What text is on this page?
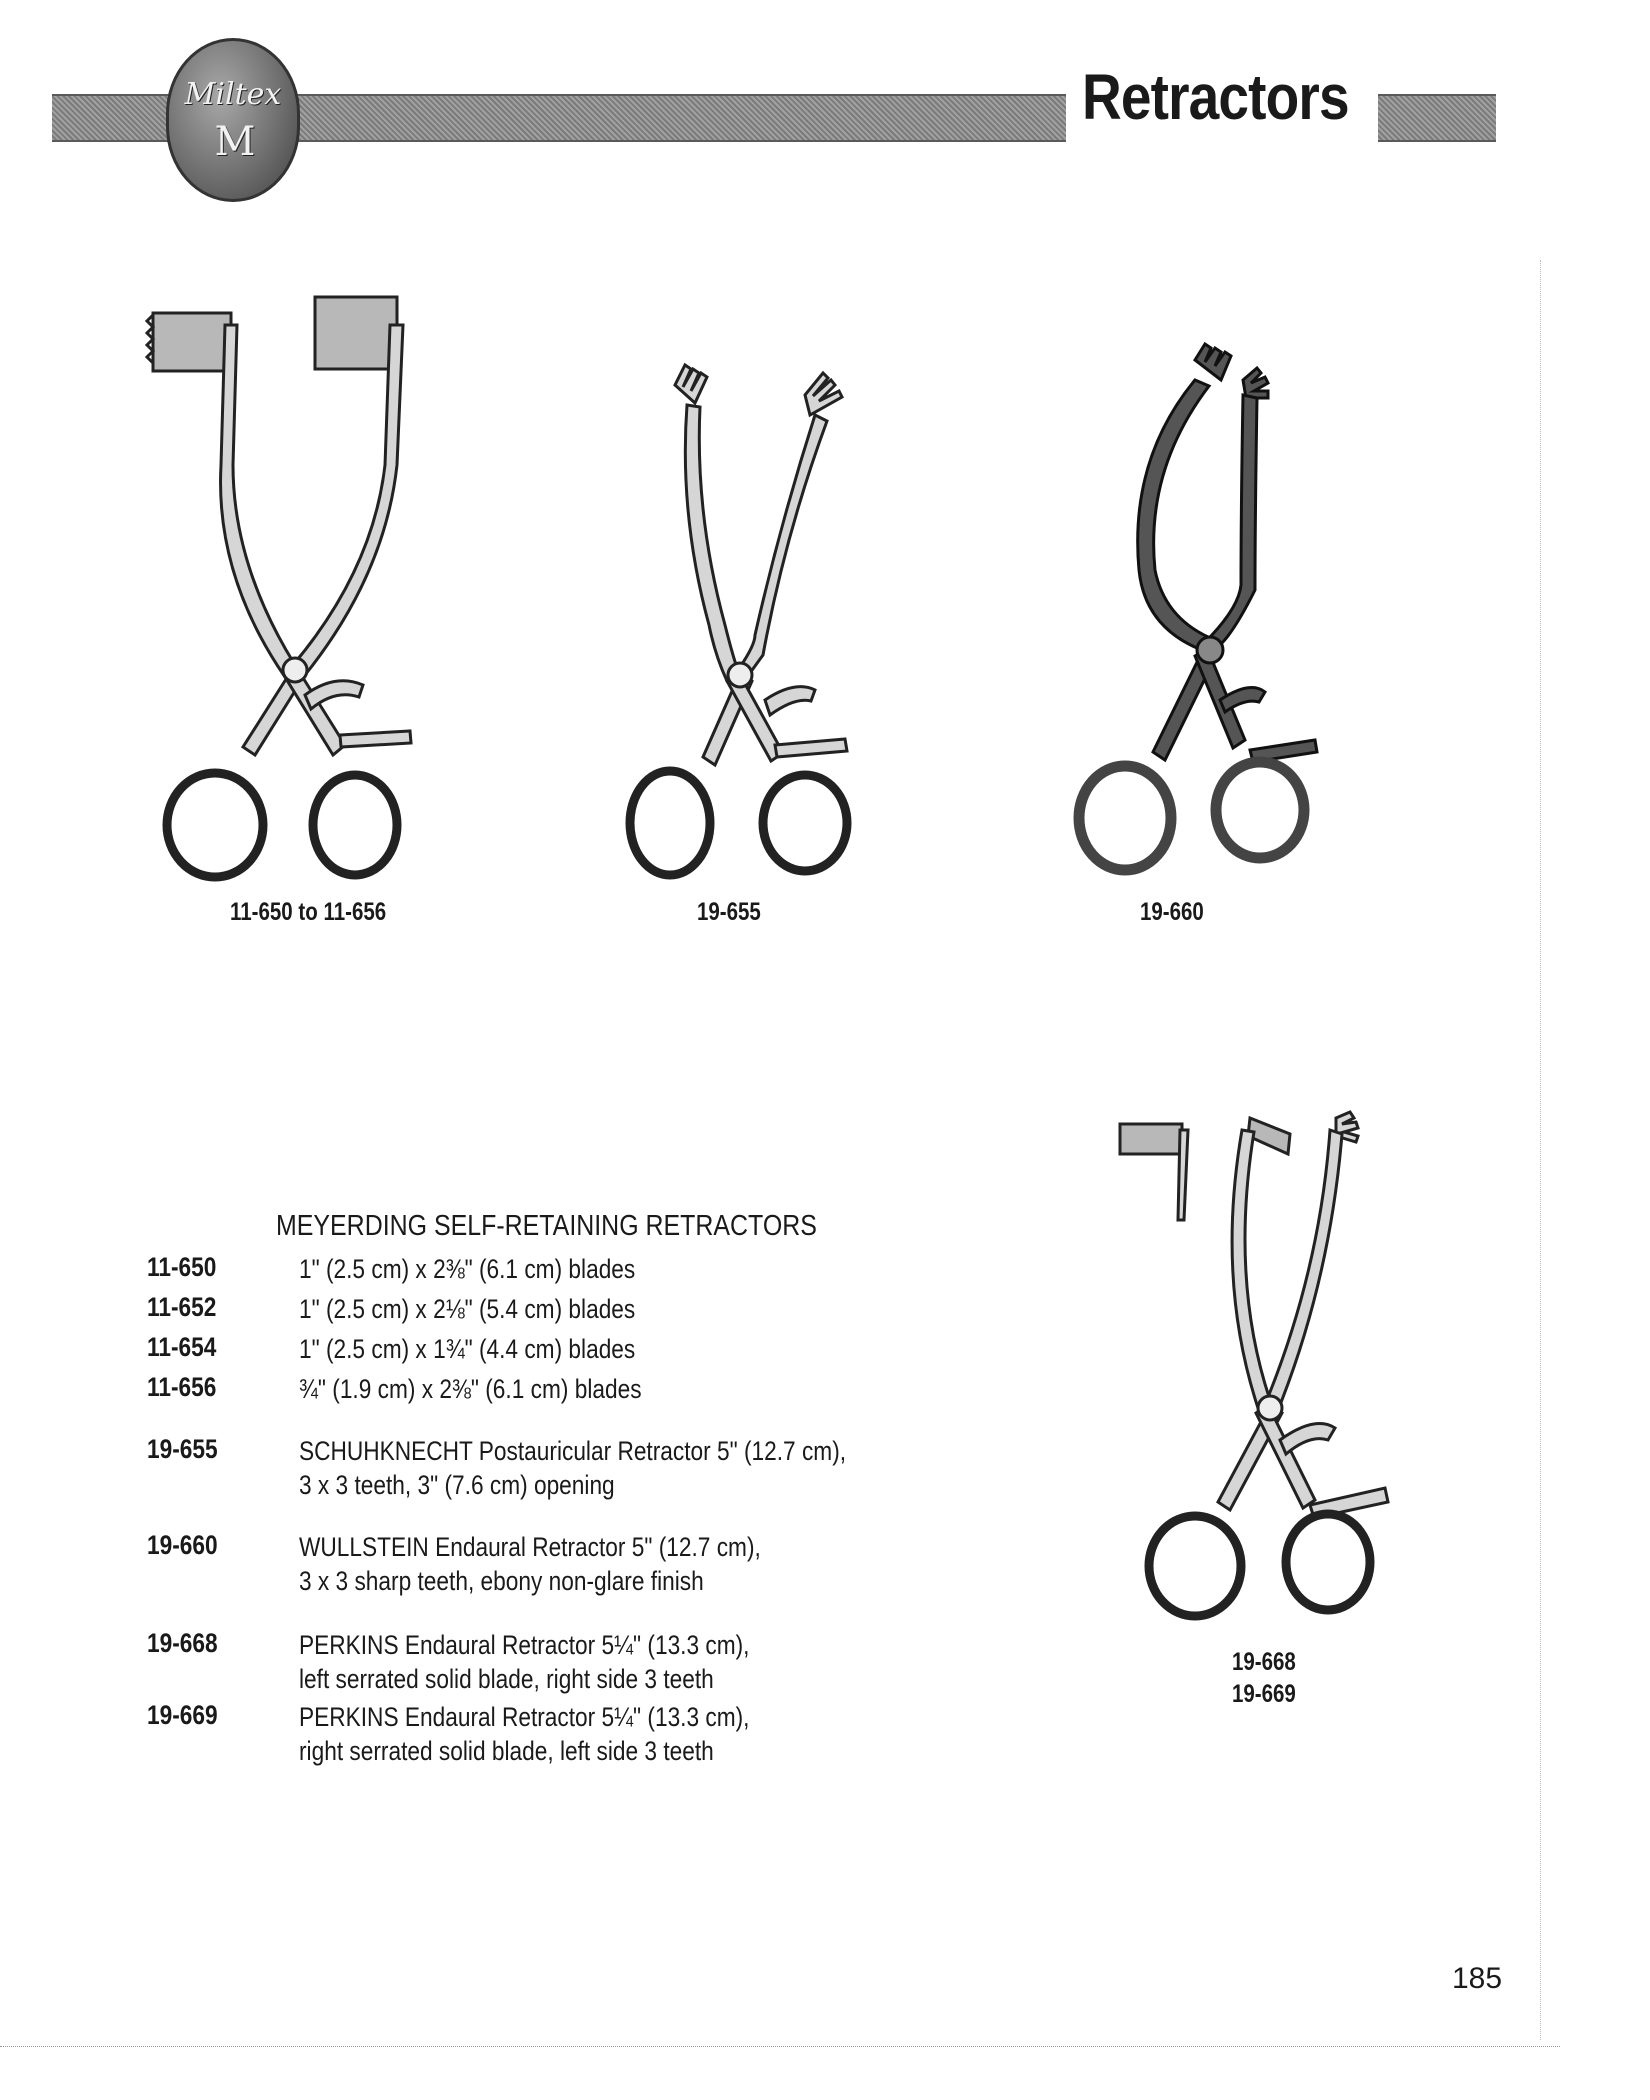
Miltex
M
Retractors
11-650 to 11-656	19-655	19-660
19-668
19-669
MEYERDING SELF-RETAINING RETRACTORS
11-650	1" (2.5 cm) x 2⅜" (6.1 cm) blades
11-652	1" (2.5 cm) x 2⅛" (5.4 cm) blades
11-654	1" (2.5 cm) x 1¾" (4.4 cm) blades
11-656	¾" (1.9 cm) x 2⅜" (6.1 cm) blades
19-655	SCHUHKNECHT Postauricular Retractor 5" (12.7 cm),
3 x 3 teeth, 3" (7.6 cm) opening
19-660	WULLSTEIN Endaural Retractor 5" (12.7 cm),
3 x 3 sharp teeth, ebony non-glare finish
19-668	PERKINS Endaural Retractor 5¼" (13.3 cm),
left serrated solid blade, right side 3 teeth
19-669	PERKINS Endaural Retractor 5¼" (13.3 cm),
right serrated solid blade, left side 3 teeth
185
